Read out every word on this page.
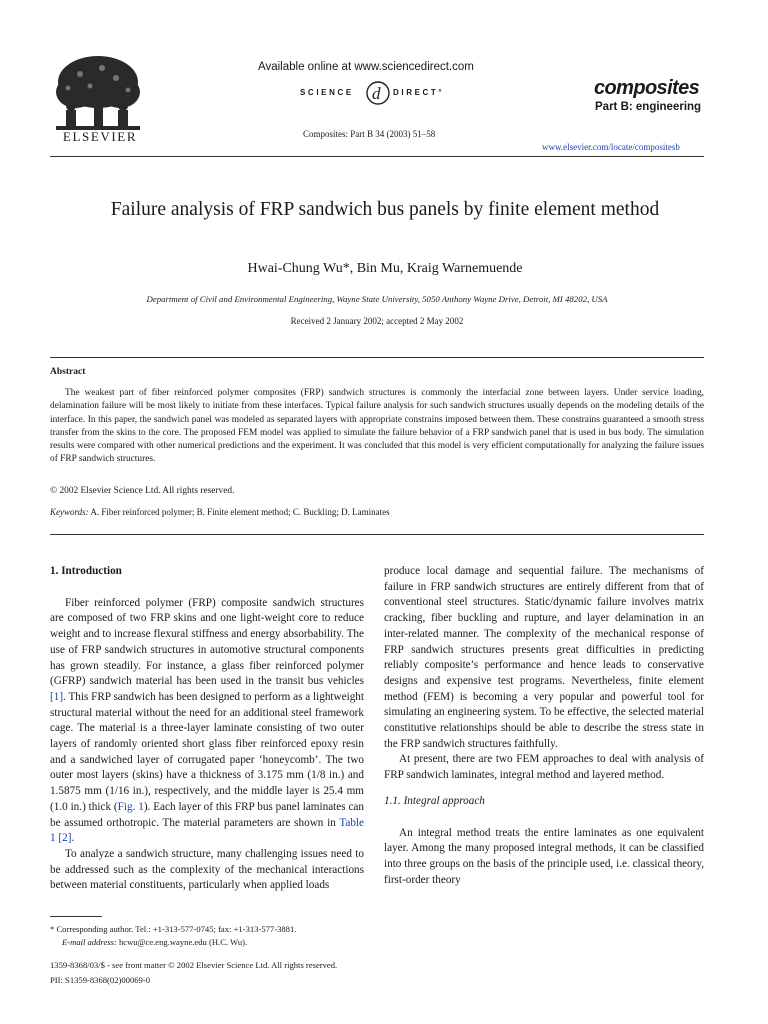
ELSEVIER
Available online at www.sciencedirect.com
d
SCIENCE	DIRECT°
Composites: Part B 34 (2003) 51–58
composites
Part B: engineering
www.elsevier.com/locate/compositesb
Failure analysis of FRP sandwich bus panels by finite element method
Hwai-Chung Wu*, Bin Mu, Kraig Warnemuende
Department of Civil and Environmental Engineering, Wayne State University, 5050 Anthony Wayne Drive, Detroit, MI 48202, USA
Received 2 January 2002; accepted 2 May 2002
Abstract
The weakest part of fiber reinforced polymer composites (FRP) sandwich structures is commonly the interfacial zone between layers. Under service loading, delamination failure will be most likely to initiate from these interfaces. Typical failure analysis for such sandwich structures usually depends on the modeling details of the interface. In this paper, the sandwich panel was modeled as separated layers with appropriate constrains imposed between them. These constrains guaranteed a smooth stress transfer from the skins to the core. The proposed FEM model was applied to simulate the failure behavior of a FRP sandwich panel that is used in bus body. The simulation results were compared with other numerical predictions and the experiment. It was concluded that this model is very efficient computationally for analyzing the failure issues of FRP sandwich structures.
© 2002 Elsevier Science Ltd. All rights reserved.
Keywords: A. Fiber reinforced polymer; B. Finite element method; C. Buckling; D. Laminates
1. Introduction

Fiber reinforced polymer (FRP) composite sandwich structures are composed of two FRP skins and one light-weight core to reduce weight and to increase flexural stiffness and energy absorbability. The use of FRP sandwich structures in automotive structural components has grown steadily. For instance, a glass fiber reinforced polymer (GFRP) sandwich material has been used in the transit bus vehicles [1]. This FRP sandwich has been designed to perform as a lightweight structural material without the need for an additional steel framework cage. The material is a three-layer laminate consisting of two outer layers of randomly oriented short glass fiber reinforced epoxy resin and a sandwiched layer of corrugated paper ‘honeycomb’. The two outer most layers (skins) have a thickness of 3.175 mm (1/8 in.) and 1.5875 mm (1/16 in.), respectively, and the middle layer is 25.4 mm (1.0 in.) thick (Fig. 1). Each layer of this FRP bus panel laminates can be assumed orthotropic. The material parameters are shown in Table 1 [2].

To analyze a sandwich structure, many challenging issues need to be addressed such as the complexity of the mechanical interactions between material constituents, particularly when applied loads

* Corresponding author. Tel.: +1-313-577-0745; fax: +1-313-577-3881.
E-mail address: hcwu@ce.eng.wayne.edu (H.C. Wu).
1359-8368/03/$ - see front matter © 2002 Elsevier Science Ltd. All rights reserved.
PII: S1359-8368(02)00069-0

produce local damage and sequential failure. The mechanisms of failure in FRP sandwich structures are entirely different from that of conventional steel structures. Static/dynamic failure involves matrix cracking, fiber buckling and rupture, and layer delamination in an inter-related manner. The complexity of the mechanical response of FRP sandwich structures presents great difficulties in predicting reliably composite’s performance and hence leads to conservative designs and expensive test programs. Nevertheless, finite element method (FEM) is becoming a very popular and powerful tool for simulating an engineering system. To be effective, the selected material constitutive relationships should be able to describe the stress state in the FRP sandwich structures faithfully.

At present, there are two FEM approaches to deal with analysis of FRP sandwich laminates, integral method and layered method.

1.1. Integral approach

An integral method treats the entire laminates as one equivalent layer. Among the many proposed integral methods, it can be classified into three groups on the basis of the principle used, i.e. classical theory, first-order theory
